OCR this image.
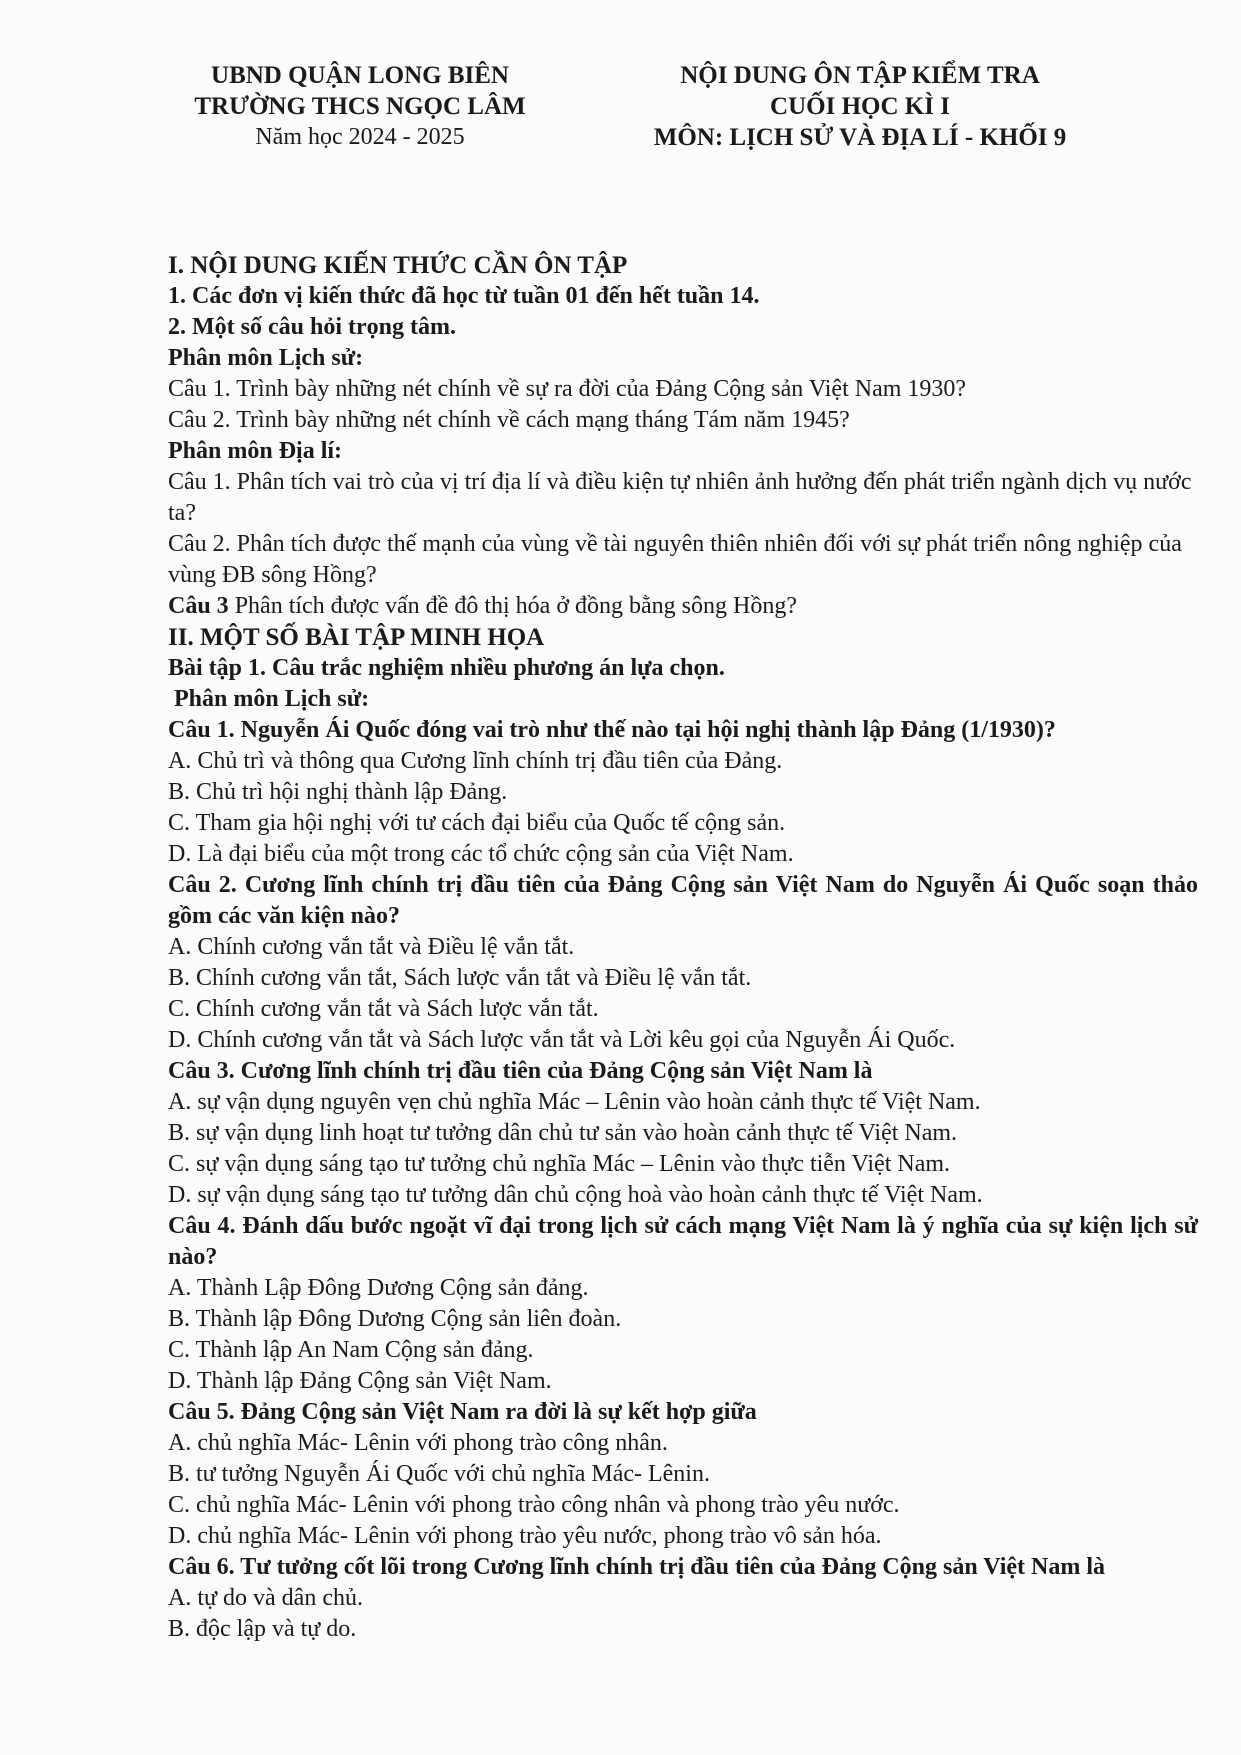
UBND QUẬN LONG BIÊN
TRƯỜNG THCS NGỌC LÂM
Năm học 2024 - 2025
NỘI DUNG ÔN TẬP KIỂM TRA
CUỐI HỌC KÌ I
MÔN: LỊCH SỬ VÀ ĐỊA LÍ - KHỐI 9
I. NỘI DUNG KIẾN THỨC CẦN ÔN TẬP
1. Các đơn vị kiến thức đã học từ tuần 01 đến hết tuần 14.
2. Một số câu hỏi trọng tâm.
Phân môn Lịch sử:
Câu 1. Trình bày những nét chính về sự ra đời của Đảng Cộng sản Việt Nam 1930?
Câu 2. Trình bày những nét chính về cách mạng tháng Tám năm 1945?
Phân môn Địa lí:
Câu 1. Phân tích vai trò của vị trí địa lí và điều kiện tự nhiên ảnh hưởng đến phát triển ngành dịch vụ nước ta?
Câu 2. Phân tích được thế mạnh của vùng về tài nguyên thiên nhiên đối với sự phát triển nông nghiệp của vùng ĐB sông Hồng?
Câu 3 Phân tích được vấn đề đô thị hóa ở đồng bằng sông Hồng?
II. MỘT SỐ BÀI TẬP MINH HỌA
Bài tập 1. Câu trắc nghiệm nhiều phương án lựa chọn.
Phân môn Lịch sử:
Câu 1. Nguyễn Ái Quốc đóng vai trò như thế nào tại hội nghị thành lập Đảng (1/1930)?
A. Chủ trì và thông qua Cương lĩnh chính trị đầu tiên của Đảng.
B. Chủ trì hội nghị thành lập Đảng.
C. Tham gia hội nghị với tư cách đại biểu của Quốc tế cộng sản.
D. Là đại biểu của một trong các tổ chức cộng sản của Việt Nam.
Câu 2. Cương lĩnh chính trị đầu tiên của Đảng Cộng sản Việt Nam do Nguyễn Ái Quốc soạn thảo gồm các văn kiện nào?
A. Chính cương vắn tắt và Điều lệ vắn tắt.
B. Chính cương vắn tắt, Sách lược vắn tắt và Điều lệ vắn tắt.
C. Chính cương vắn tắt và Sách lược vắn tắt.
D. Chính cương vắn tắt và Sách lược vắn tắt và Lời kêu gọi của Nguyễn Ái Quốc.
Câu 3. Cương lĩnh chính trị đầu tiên của Đảng Cộng sản Việt Nam là
A. sự vận dụng nguyên vẹn chủ nghĩa Mác – Lênin vào hoàn cảnh thực tế Việt Nam.
B. sự vận dụng linh hoạt tư tưởng dân chủ tư sản vào hoàn cảnh thực tế Việt Nam.
C. sự vận dụng sáng tạo tư tưởng chủ nghĩa Mác – Lênin vào thực tiễn Việt Nam.
D. sự vận dụng sáng tạo tư tưởng dân chủ cộng hoà vào hoàn cảnh thực tế Việt Nam.
Câu 4. Đánh dấu bước ngoặt vĩ đại trong lịch sử cách mạng Việt Nam là ý nghĩa của sự kiện lịch sử nào?
A. Thành Lập Đông Dương Cộng sản đảng.
B. Thành lập Đông Dương Cộng sản liên đoàn.
C. Thành lập An Nam Cộng sản đảng.
D. Thành lập Đảng Cộng sản Việt Nam.
Câu 5. Đảng Cộng sản Việt Nam ra đời là sự kết hợp giữa
A. chủ nghĩa Mác- Lênin với phong trào công nhân.
B. tư tưởng Nguyễn Ái Quốc với chủ nghĩa Mác- Lênin.
C. chủ nghĩa Mác- Lênin với phong trào công nhân và phong trào yêu nước.
D. chủ nghĩa Mác- Lênin với phong trào yêu nước, phong trào vô sản hóa.
Câu 6. Tư tưởng cốt lõi trong Cương lĩnh chính trị đầu tiên của Đảng Cộng sản Việt Nam là
A. tự do và dân chủ.
B. độc lập và tự do.
